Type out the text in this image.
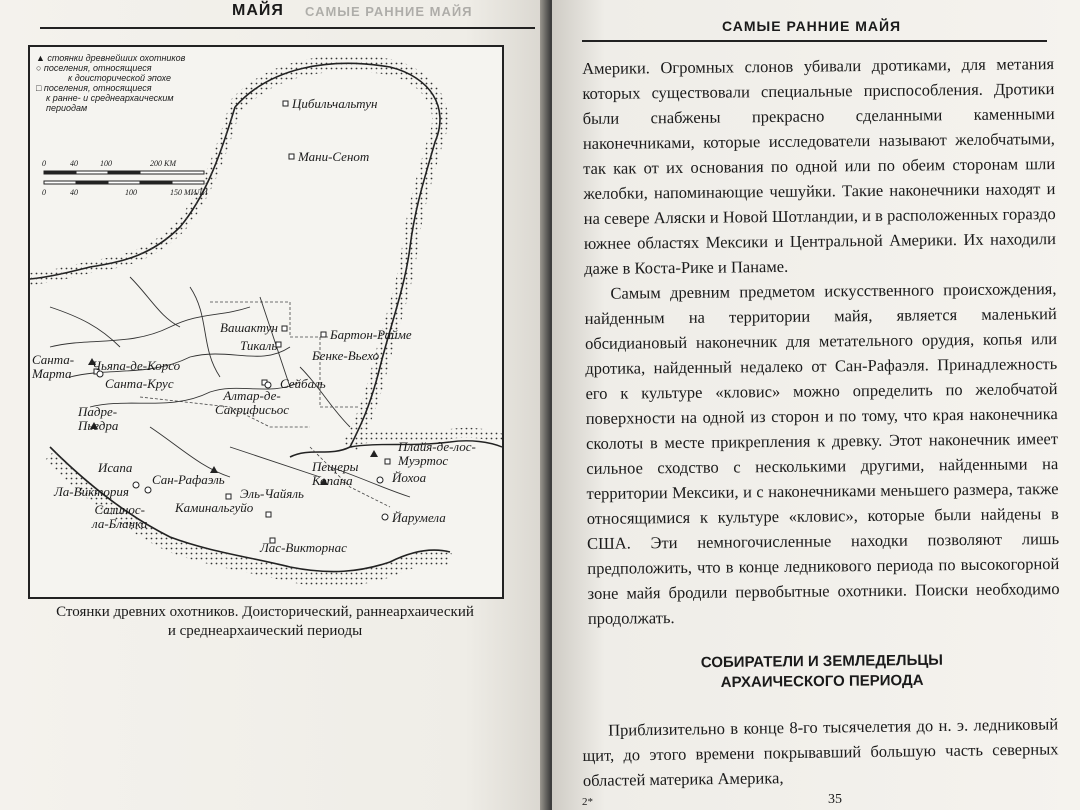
МАЙЯ САМЫЕ РАННИЕ МАЙЯ
▲ стоянки древнейших охотников
○ поселения, относящиеся
к доисторической эпохе
□ поселения, относящиеся
к ранне- и среднеархаическим
периодам
0	40	100	200 КМ
0	40	100	150 МИЛИ
Цибильчальтун
Мани-Сенот
Вашактун
Тикаль
Бартон-Райме
Бенке-Вьехо
Санта-
Марта
Чьяпа-де-Корсо
Санта-Крус	Сейбаль
Алтар-де-
Сакрифисьос
Падре-
Пьедра
Плайя-де-лос-
Муэртос
Пещеры
Копана	Йохоа
Исапа
Сан-Рафаэль
Эль-Чайяль
Ла-Виктория
Каминальгуйо
Салинос-
ла-Бланка	Йарумела
Лас-Викторнас
Стоянки древних охотников. Доисторический, раннеархаический
и среднеархаический периоды
САМЫЕ РАННИЕ МАЙЯ

Америки. Огромных слонов убивали дротиками, для метания которых существовали специальные приспособления. Дротики были снабжены прекрасно сделанными каменными наконечниками, которые исследователи называют желобчатыми, так как от их основания по одной или по обеим сторонам шли желобки, напоминающие чешуйки. Такие наконечники находят и на севере Аляски и Новой Шотландии, и в расположенных гораздо южнее областях Мексики и Центральной Америки. Их находили даже в Коста-Рике и Панаме.

Самым древним предметом искусственного происхождения, найденным на территории майя, является маленький обсидиановый наконечник для метательного орудия, копья или дротика, найденный недалеко от Сан-Рафаэля. Принадлежность его к культуре «кловис» можно определить по желобчатой поверхности на одной из сторон и по тому, что края наконечника сколоты в месте прикрепления к древку. Этот наконечник имеет сильное сходство с несколькими другими, найденными на территории Мексики, и с наконечниками меньшего размера, также относящимися к культуре «кловис», которые были найдены в США. Эти немногочисленные находки позволяют лишь предположить, что в конце ледникового периода по высокогорной зоне майя бродили первобытные охотники. Поиски необходимо продолжать.

СОБИРАТЕЛИ И ЗЕМЛЕДЕЛЬЦЫ
АРХАИЧЕСКОГО ПЕРИОДА

Приблизительно в конце 8-го тысячелетия до н. э. ледниковый щит, до этого времени покрывавший большую часть северных областей материка Америка,

2*	35
